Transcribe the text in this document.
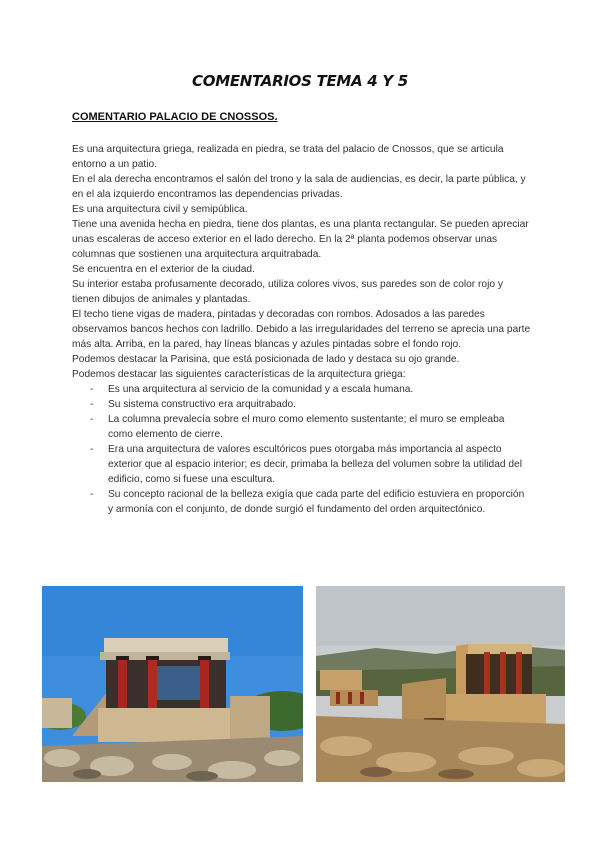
COMENTARIOS TEMA 4 Y 5
COMENTARIO PALACIO DE CNOSSOS.

Es una arquitectura griega, realizada en piedra, se trata del palacio de Cnossos, que se articula entorno a un patio.

En el ala derecha encontramos el salón del trono y la sala de audiencias, es decir, la parte pública, y en el ala izquierdo encontramos las dependencias privadas.

Es una arquitectura civil y semipública.

Tiene una avenida hecha en piedra, tiene dos plantas, es una planta rectangular. Se pueden apreciar unas escaleras de acceso exterior en el lado derecho. En la 2ª planta podemos observar unas columnas que sostienen una arquitectura arquitrabada.

Se encuentra en el exterior de la ciudad.

Su interior estaba profusamente decorado, utiliza colores vivos, sus paredes son de color rojo y tienen dibujos de animales y plantadas.

El techo tiene vigas de madera, pintadas y decoradas con rombos. Adosados a las paredes observamos bancos hechos con ladrillo. Debido a las irregularidades del terreno se aprecia una parte más alta. Arriba, en la pared, hay líneas blancas y azules pintadas sobre el fondo rojo.

Podemos destacar la Parisina, que está posicionada de lado y destaca su ojo grande.

Podemos destacar las siguientes características de la arquitectura griega:

- Es una arquitectura al servicio de la comunidad y a escala humana.
- Su sistema constructivo era arquitrabado.
- La columna prevalecía sobre el muro como elemento sustentante; el muro se empleaba como elemento de cierre.
- Era una arquitectura de valores escultóricos pues otorgaba más importancia al aspecto exterior que al espacio interior; es decir, primaba la belleza del volumen sobre la utilidad del edificio, como si fuese una escultura.
- Su concepto racional de la belleza exigía que cada parte del edificio estuviera en proporción y armonía con el conjunto, de donde surgió el fundamento del orden arquitectónico.
